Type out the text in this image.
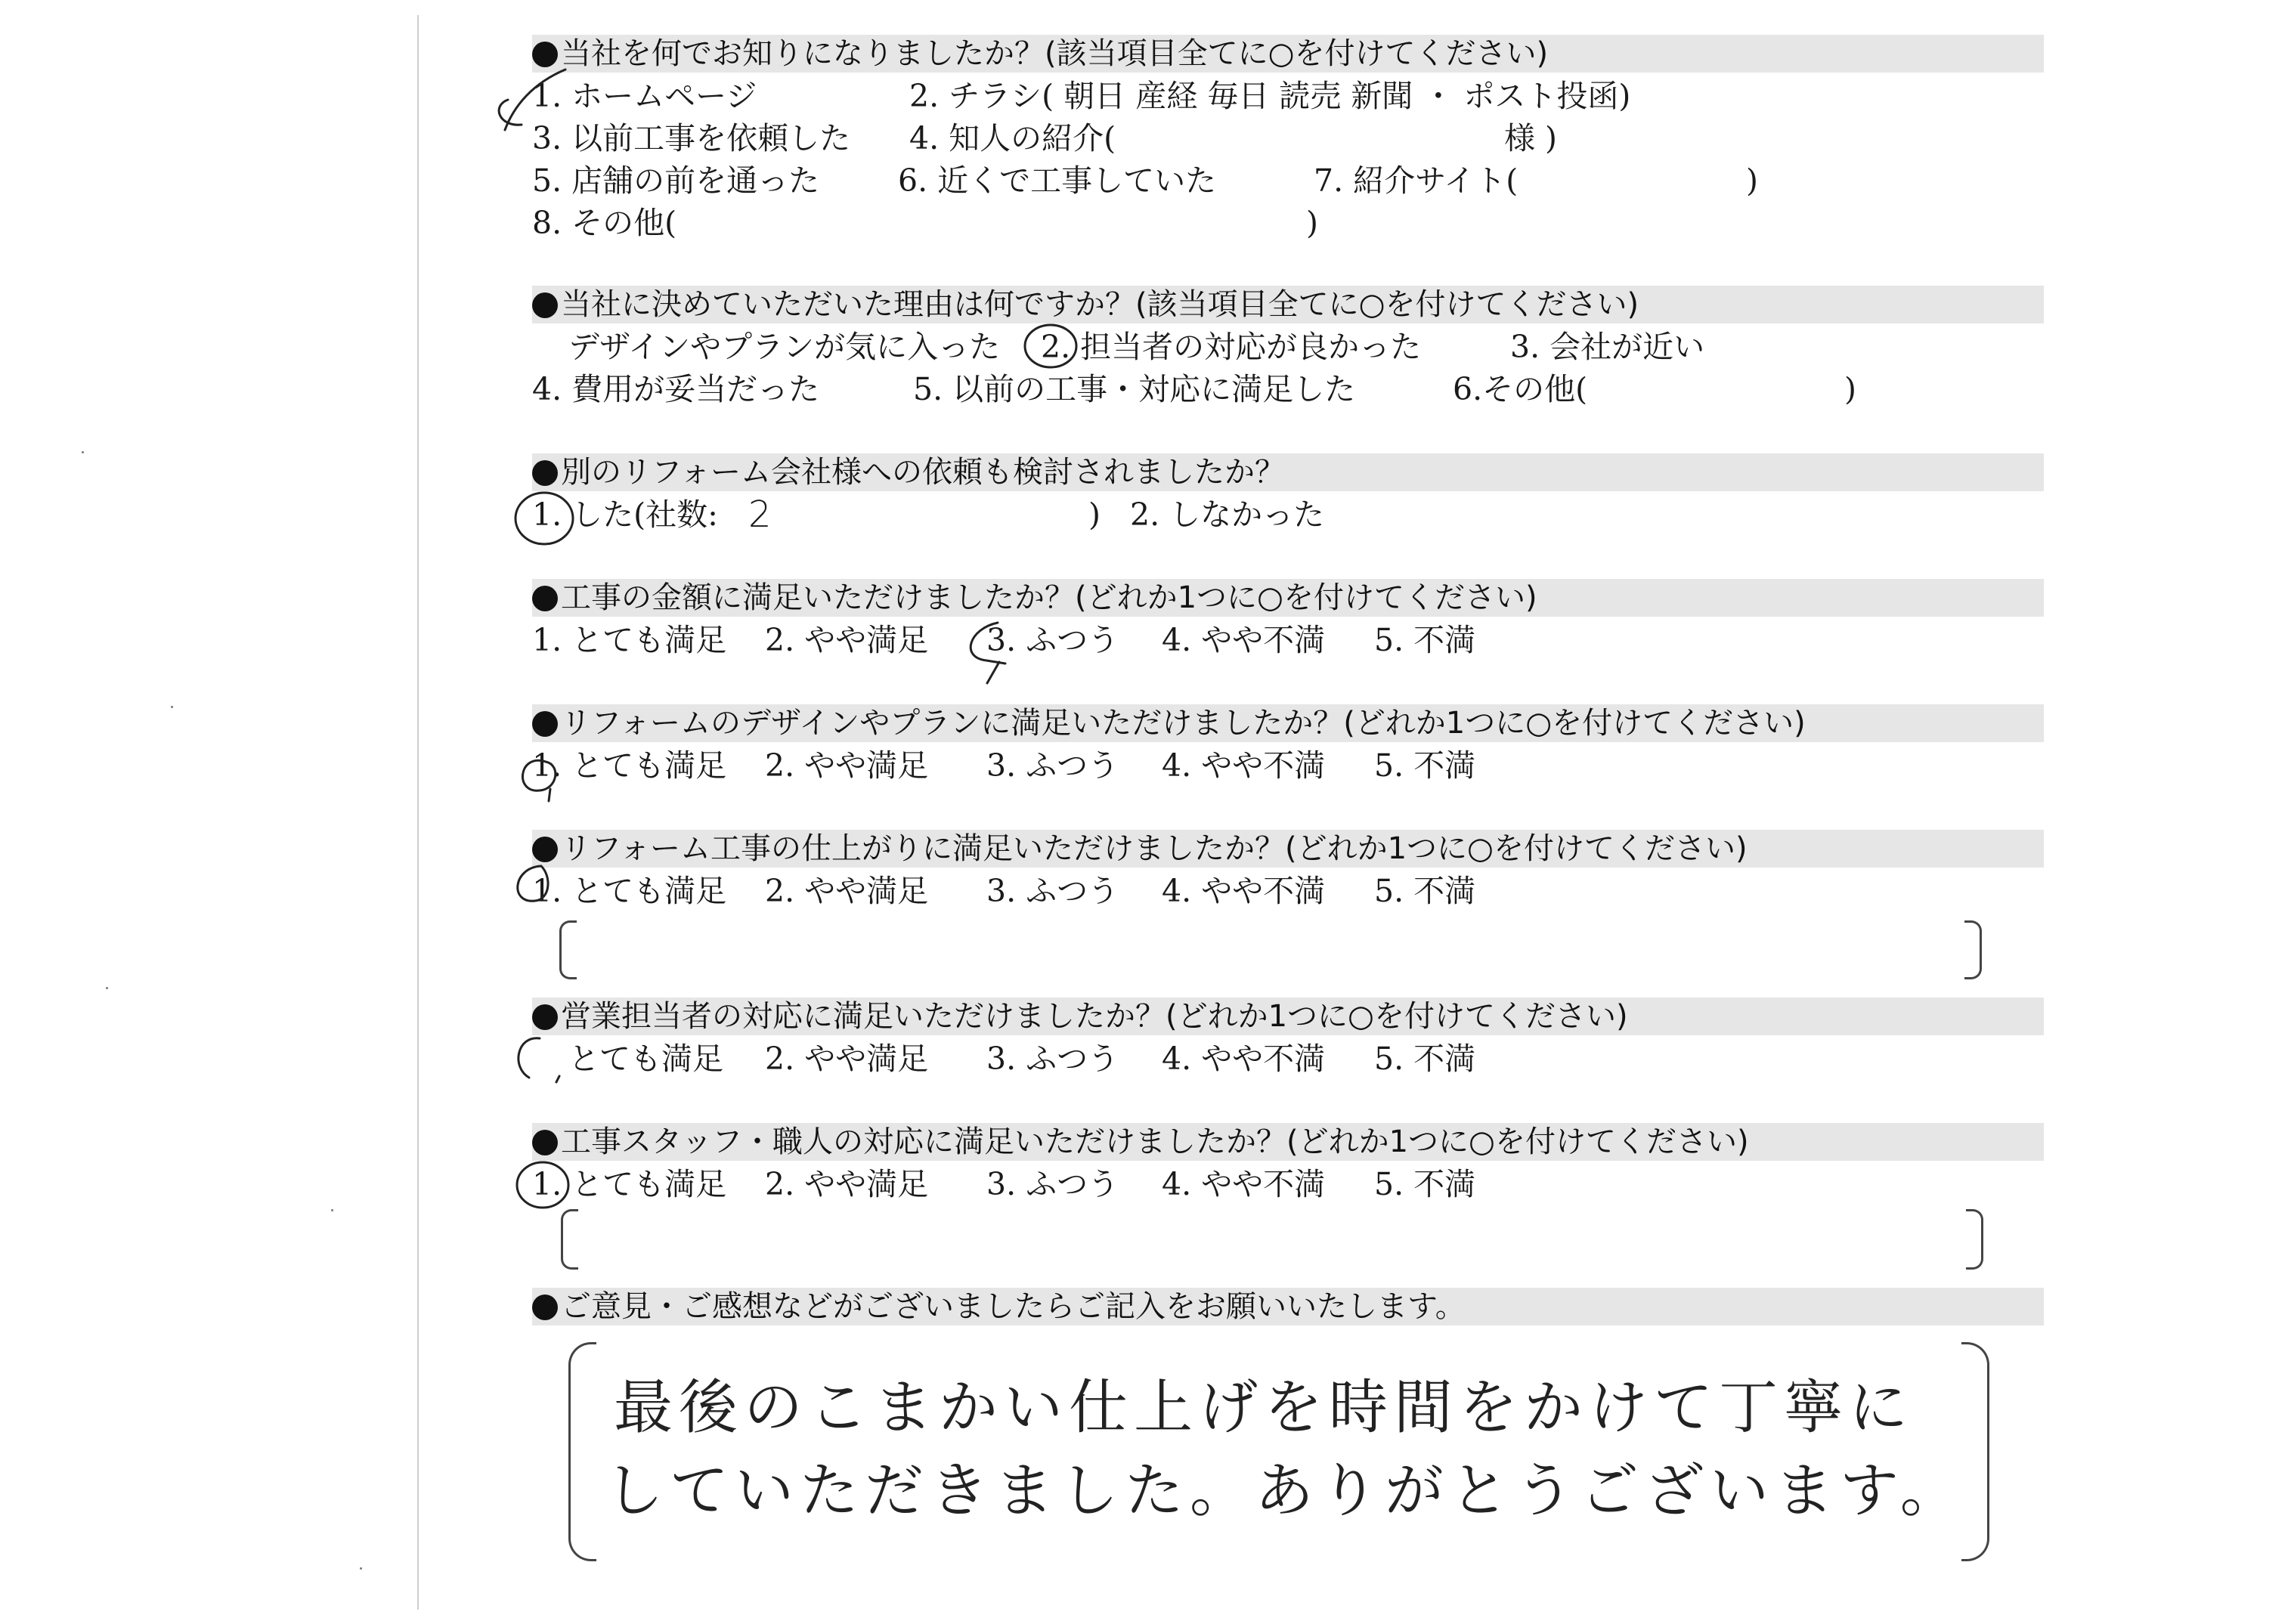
当社を何でお知りになりましたか？(該当項目全てに○を付けてください)
1. ホームページ	2. チラシ( 朝日 産経 毎日 読売 新聞 ・ ポスト投函)
3. 以前工事を依頼した 4. 知人の紹介(	様 )
5. 店舗の前を通った	6. 近くで工事していた	7. 紹介サイト(	)
8. その他(	)
当社に決めていただいた理由は何ですか？(該当項目全てに○を付けてください)
デザインやプランが気に入った 2. 担当者の対応が良かった	3. 会社が近い
4. 費用が妥当だった	5. 以前の工事・対応に満足した	6.その他(	)
別のリフォーム会社様への依頼も検討されましたか？
1. した(社数: 2	) 2. しなかった
工事の金額に満足いただけましたか？(どれか1つに○を付けてください)
1. とても満足 2. やや満足 3. ふつう 4. やや不満 5. 不満
リフォームのデザインやプランに満足いただけましたか？(どれか1つに○を付けてください)
1. とても満足 2. やや満足 3. ふつう 4. やや不満 5. 不満
リフォーム工事の仕上がりに満足いただけましたか？(どれか1つに○を付けてください)
1. とても満足 2. やや満足 3. ふつう 4. やや不満 5. 不満
営業担当者の対応に満足いただけましたか？(どれか1つに○を付けてください)
とても満足 2. やや満足 3. ふつう 4. やや不満 5. 不満
工事スタッフ・職人の対応に満足いただけましたか？(どれか1つに○を付けてください)
1. とても満足 2. やや満足 3. ふつう 4. やや不満 5. 不満
ご意見・ご感想などがございましたらご記入をお願いいたします。
最後のこまかい仕上げを時間をかけて丁寧に
していただきました。ありがとうございます。
